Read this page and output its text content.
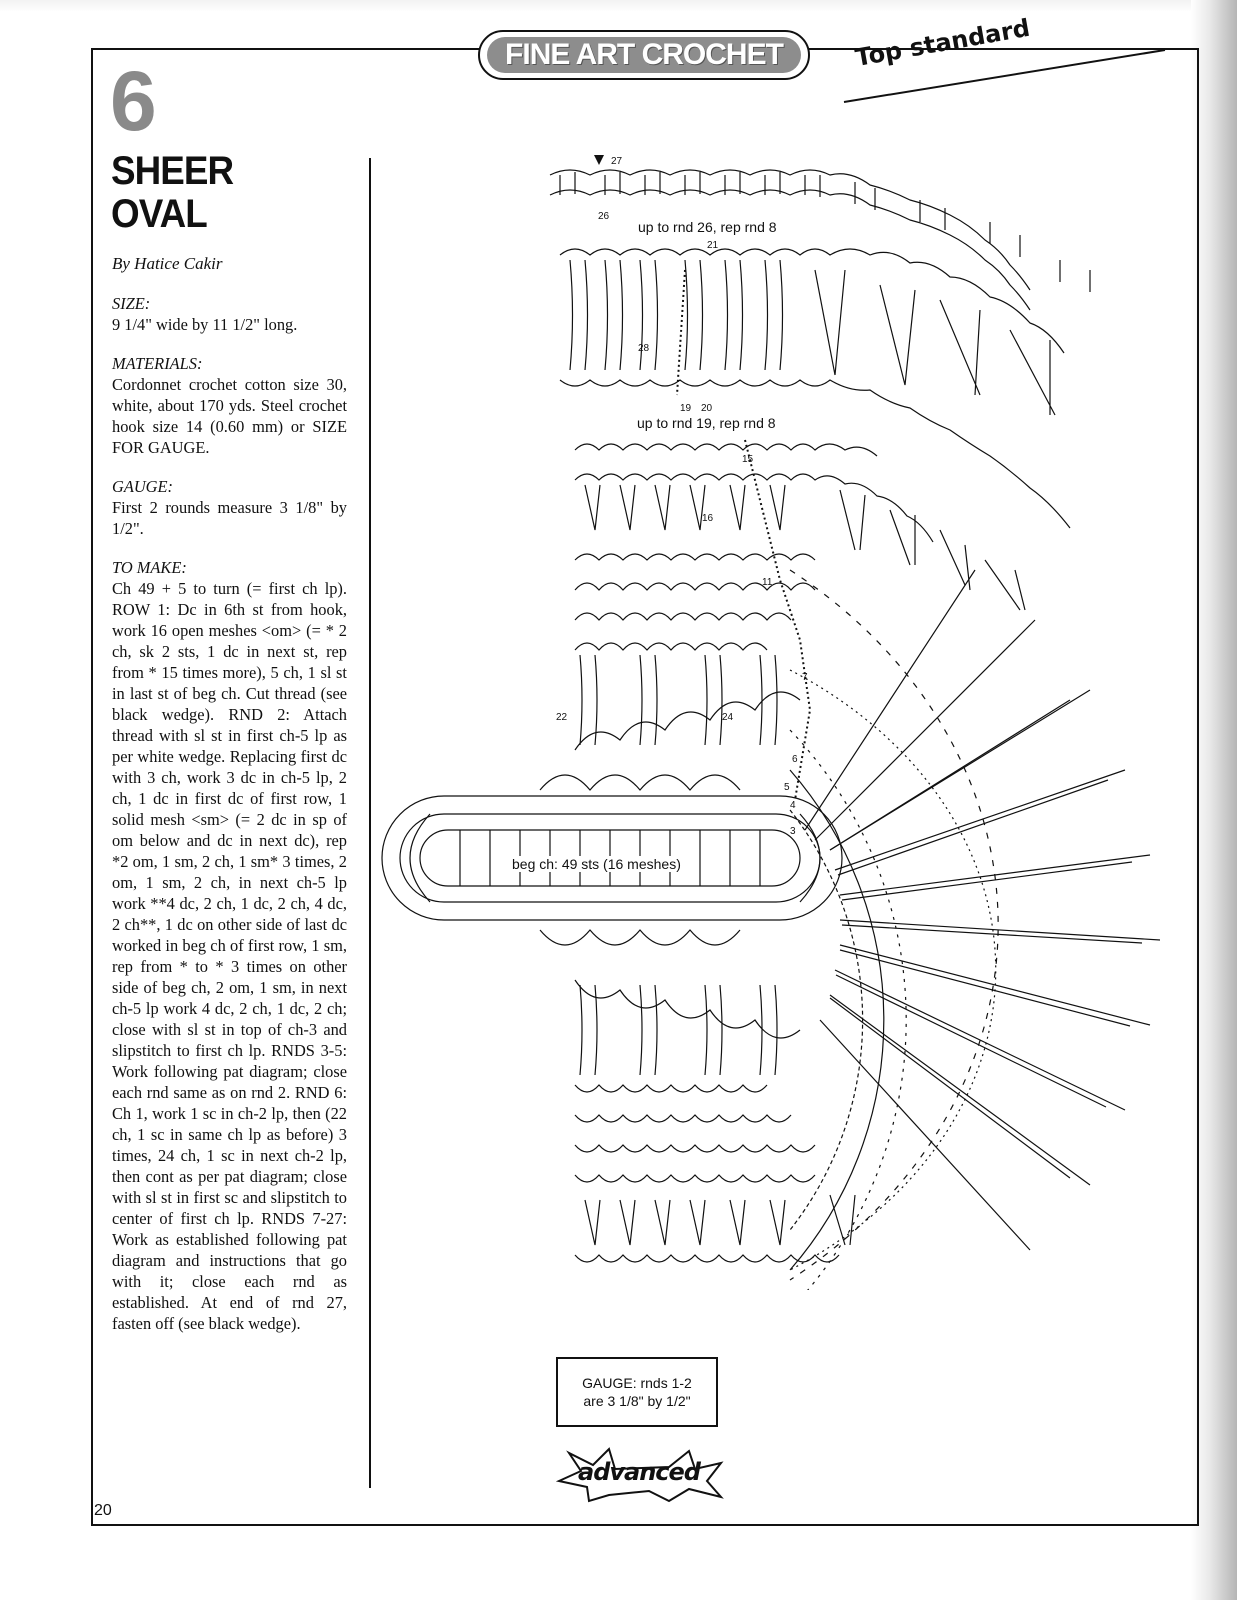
FINE ART CROCHET	Top standard
6
SHEER
OVAL
By Hatice Cakir

SIZE:

9 1/4" wide by 11 1/2" long.

MATERIALS:

Cordonnet crochet cotton size 30, white, about 170 yds. Steel crochet hook size 14 (0.60 mm) or SIZE FOR GAUGE.

GAUGE:

First 2 rounds measure 3 1/8" by 1/2".

TO MAKE:

Ch 49 + 5 to turn (= first ch lp). ROW 1: Dc in 6th st from hook, work 16 open meshes <om> (= * 2 ch, sk 2 sts, 1 dc in next st, rep from * 15 times more), 5 ch, 1 sl st in last st of beg ch. Cut thread (see black wedge). RND 2: Attach thread with sl st in first ch-5 lp as per white wedge. Replacing first dc with 3 ch, work 3 dc in ch-5 lp, 2 ch, 1 dc in first dc of first row, 1 solid mesh <sm> (= 2 dc in sp of om below and dc in next dc), rep *2 om, 1 sm, 2 ch, 1 sm* 3 times, 2 om, 1 sm, 2 ch, in next ch-5 lp work **4 dc, 2 ch, 1 dc, 2 ch, 4 dc, 2 ch**, 1 dc on other side of last dc worked in beg ch of first row, 1 sm, rep from * to * 3 times on other side of beg ch, 2 om, 1 sm, in next ch-5 lp work 4 dc, 2 ch, 1 dc, 2 ch; close with sl st in top of ch-3 and slipstitch to first ch lp. RNDS 3-5: Work following pat diagram; close each rnd same as on rnd 2. RND 6: Ch 1, work 1 sc in ch-2 lp, then (22 ch, 1 sc in same ch lp as before) 3 times, 24 ch, 1 sc in next ch-2 lp, then cont as per pat diagram; close with sl st in first sc and slipstitch to center of first ch lp. RNDS 7-27: Work as established following pat diagram and instructions that go with it; close each rnd as established. At end of rnd 27, fasten off (see black wedge).

up to rnd 26, rep rnd 8
up to rnd 19, rep rnd 8
beg ch: 49 sts (16 meshes)
27
26
21
28
19 20
16
15
11
7
22	24
6
5
4
3
GAUGE: rnds 1-2
are 3 1/8" by 1/2"
advanced
20
